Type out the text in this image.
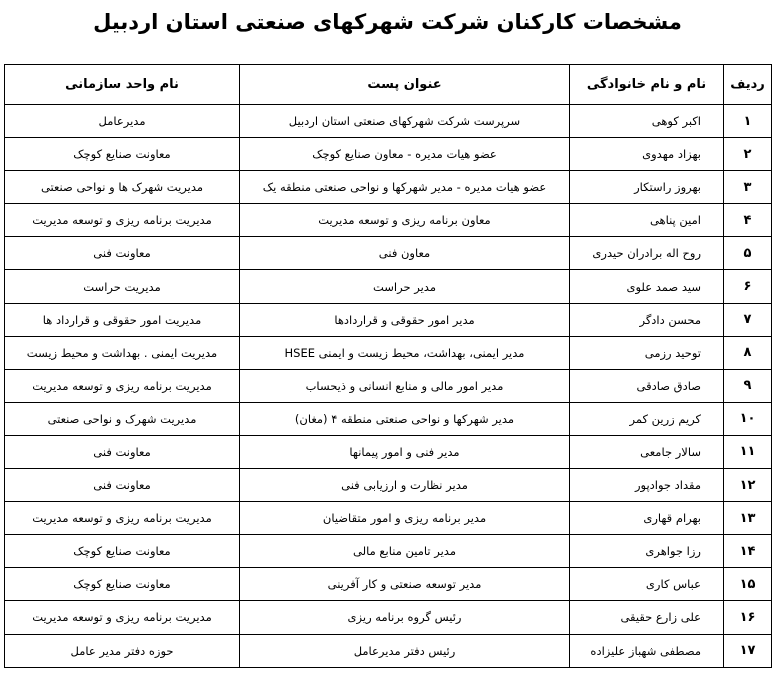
مشخصات کارکنان شرکت شهرکهای صنعتی استان اردبیل
ردیف	نام و نام خانوادگی	عنوان پست	نام واحد سازمانی
۱	اکبر کوهی	سرپرست شرکت شهرکهای صنعتی استان اردبیل	مدیرعامل
۲	بهزاد مهدوی	عضو هیات مدیره - معاون صنایع کوچک	معاونت صنایع کوچک
۳	بهروز راستکار	عضو هیات مدیره - مدیر شهرکها و نواحی صنعتی منطقه یک	مدیریت شهرک ها و نواحی صنعتی
۴	امین پناهی	معاون برنامه ریزی و توسعه مدیریت	مدیریت برنامه ریزی و توسعه مدیریت
۵	روح اله برادران حیدری	معاون فنی	معاونت فنی
۶	سید صمد علوی	مدیر حراست	مدیریت حراست
۷	محسن دادگر	مدیر امور حقوقی و قراردادها	مدیریت امور حقوقی و قرارداد ها
۸	توحید رزمی	مدیر ایمنی، بهداشت، محیط زیست و ایمنی HSEE	مدیریت ایمنی . بهداشت و محیط زیست
۹	صادق صادقی	مدیر امور مالی و منابع انسانی و ذیحساب	مدیریت برنامه ریزی و توسعه مدیریت
۱۰	کریم زرین کمر	مدیر شهرکها و نواحی صنعتی منطقه ۴ (مغان)	مدیریت شهرک و نواحی صنعتی
۱۱	سالار جامعی	مدیر فنی و امور پیمانها	معاونت فنی
۱۲	مقداد جوادپور	مدیر نظارت و ارزیابی فنی	معاونت فنی
۱۳	بهرام قهاری	مدیر برنامه ریزی و امور متقاضیان	مدیریت برنامه ریزی و توسعه مدیریت
۱۴	رزا جواهری	مدیر تامین منابع مالی	معاونت صنایع کوچک
۱۵	عباس کاری	مدیر توسعه صنعتی و کار آفرینی	معاونت صنایع کوچک
۱۶	علی زارع حقیقی	رئیس گروه برنامه ریزی	مدیریت برنامه ریزی و توسعه مدیریت
۱۷	مصطفی شهباز علیزاده	رئیس دفتر مدیرعامل	حوزه دفتر مدیر عامل
